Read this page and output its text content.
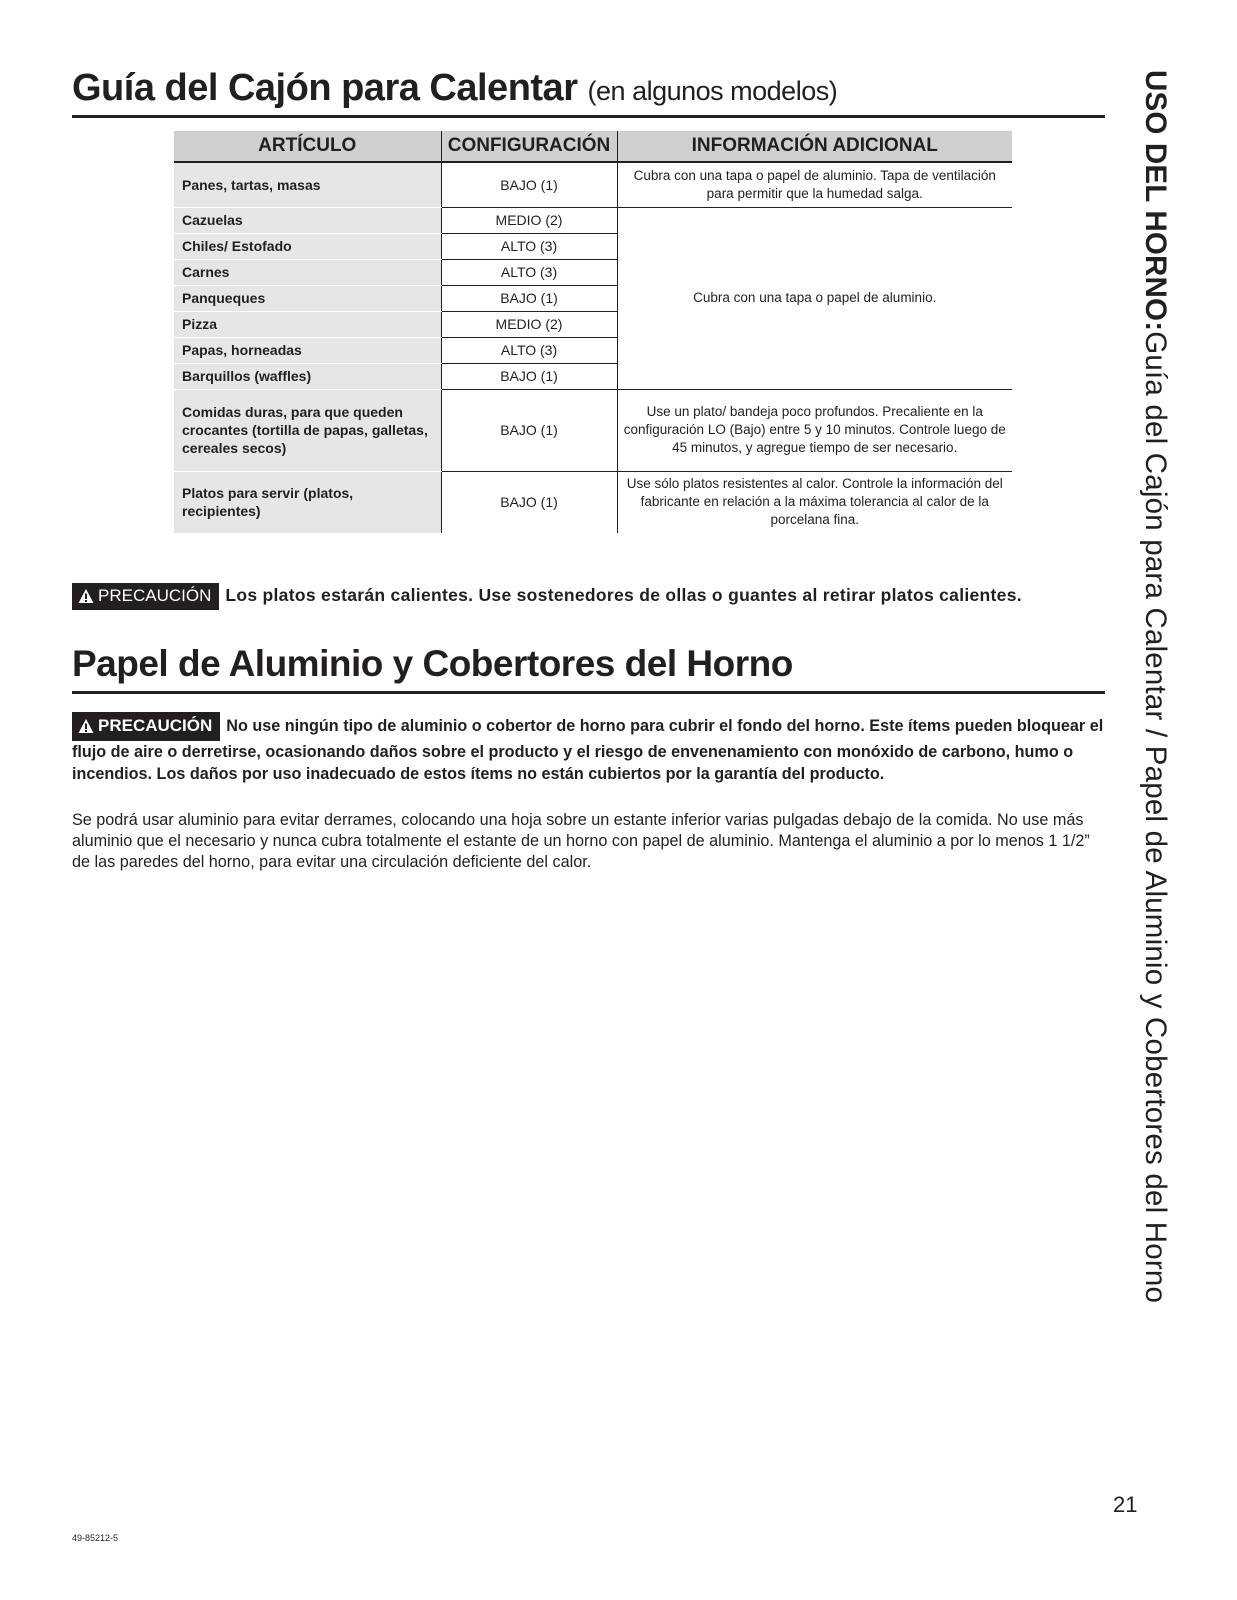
Guía del Cajón para Calentar (en algunos modelos)
ARTÍCULO	CONFIGURACIÓN	INFORMACIÓN ADICIONAL
Panes, tartas, masas	BAJO (1)	Cubra con una tapa o papel de aluminio. Tapa de ventilación para permitir que la humedad salga.
Cazuelas	MEDIO (2)	Cubra con una tapa o papel de aluminio.
Chiles/ Estofado	ALTO (3)	
Carnes	ALTO (3)	
Panqueques	BAJO (1)	
Pizza	MEDIO (2)	
Papas, horneadas	ALTO (3)	
Barquillos (waffles)	BAJO (1)	
Comidas duras, para que queden crocantes (tortilla de papas, galletas, cereales secos)	BAJO (1)	Use un plato/ bandeja poco profundos. Precaliente en la configuración LO (Bajo) entre 5 y 10 minutos. Controle luego de 45 minutos, y agregue tiempo de ser necesario.
Platos para servir (platos, recipientes)	BAJO (1)	Use sólo platos resistentes al calor. Controle la información del fabricante en relación a la máxima tolerancia al calor de la porcelana fina.
PRECAUCIÓN Los platos estarán calientes. Use sostenedores de ollas o guantes al retirar platos calientes.
Papel de Aluminio y Cobertores del Horno
PRECAUCIÓN No use ningún tipo de aluminio o cobertor de horno para cubrir el fondo del horno. Este ítems pueden bloquear el flujo de aire o derretirse, ocasionando daños sobre el producto y el riesgo de envenenamiento con monóxido de carbono, humo o incendios. Los daños por uso inadecuado de estos ítems no están cubiertos por la garantía del producto.

Se podrá usar aluminio para evitar derrames, colocando una hoja sobre un estante inferior varias pulgadas debajo de la comida. No use más aluminio que el necesario y nunca cubra totalmente el estante de un horno con papel de aluminio. Mantenga el aluminio a por lo menos 1 1/2” de las paredes del horno, para evitar una circulación deficiente del calor.

USO DEL HORNO:Guía del Cajón para Calentar / Papel de Aluminio y Cobertores del Horno
49-85212-5
21
